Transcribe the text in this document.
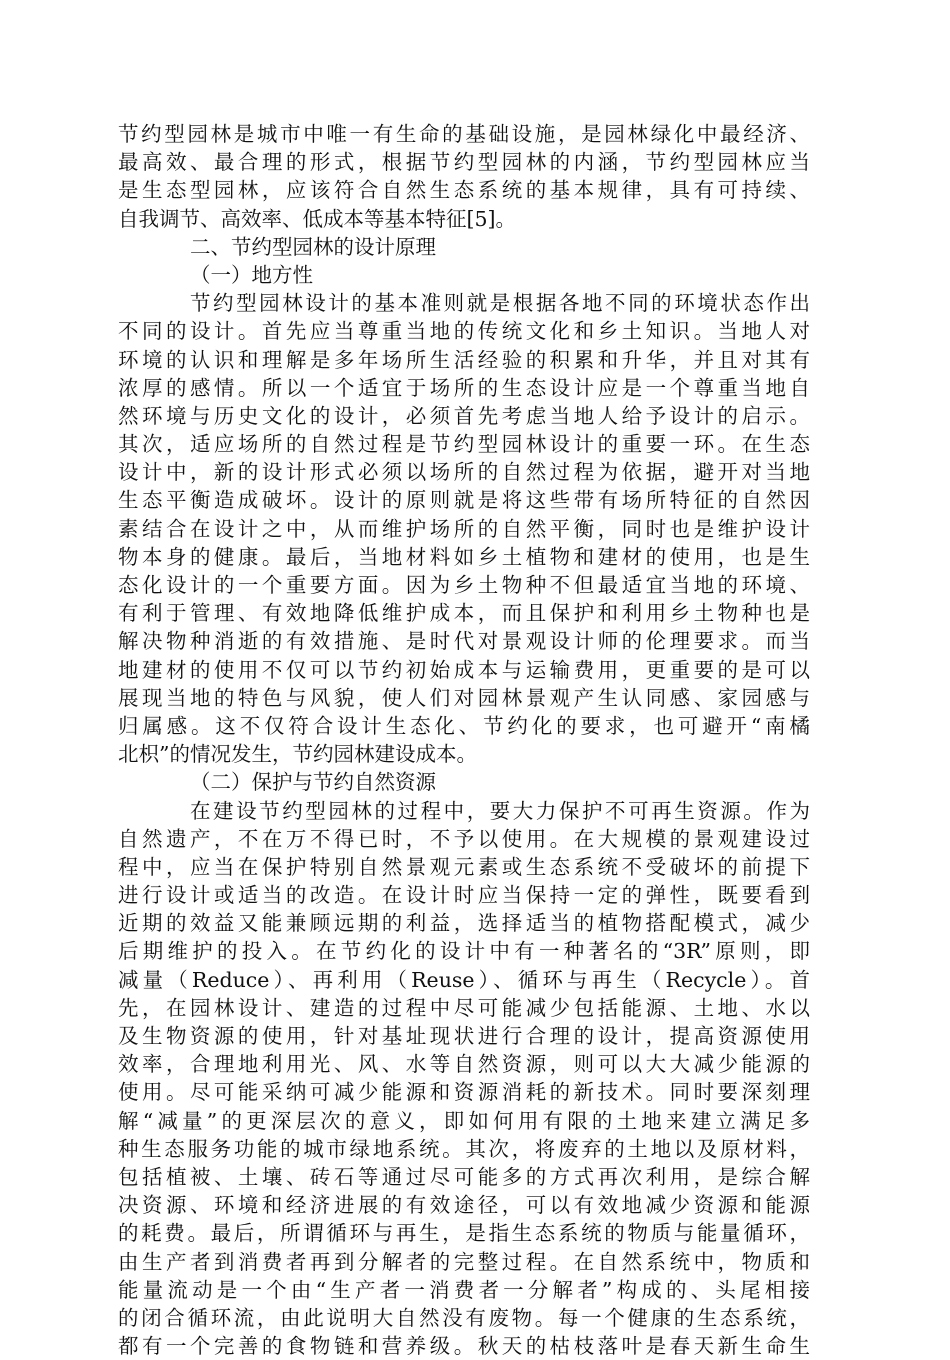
节约型园林是城市中唯一有生命的基础设施，是园林绿化中最经济、
最高效、最合理的形式，根据节约型园林的内涵，节约型园林应当
是生态型园林，应该符合自然生态系统的基本规律，具有可持续、
自我调节、高效率、低成本等基本特征[5]。
二、节约型园林的设计原理
（一）地方性
节约型园林设计的基本准则就是根据各地不同的环境状态作出
不同的设计。首先应当尊重当地的传统文化和乡土知识。当地人对
环境的认识和理解是多年场所生活经验的积累和升华，并且对其有
浓厚的感情。所以一个适宜于场所的生态设计应是一个尊重当地自
然环境与历史文化的设计，必须首先考虑当地人给予设计的启示。
其次，适应场所的自然过程是节约型园林设计的重要一环。在生态
设计中，新的设计形式必须以场所的自然过程为依据，避开对当地
生态平衡造成破坏。设计的原则就是将这些带有场所特征的自然因
素结合在设计之中，从而维护场所的自然平衡，同时也是维护设计
物本身的健康。最后，当地材料如乡土植物和建材的使用，也是生
态化设计的一个重要方面。因为乡土物种不但最适宜当地的环境、
有利于管理、有效地降低维护成本，而且保护和利用乡土物种也是
解决物种消逝的有效措施、是时代对景观设计师的伦理要求。而当
地建材的使用不仅可以节约初始成本与运输费用，更重要的是可以
展现当地的特色与风貌，使人们对园林景观产生认同感、家园感与
归属感。这不仅符合设计生态化、节约化的要求，也可避开“南橘
北枳”的情况发生，节约园林建设成本。
（二）保护与节约自然资源
在建设节约型园林的过程中，要大力保护不可再生资源。作为
自然遗产，不在万不得已时，不予以使用。在大规模的景观建设过
程中，应当在保护特别自然景观元素或生态系统不受破坏的前提下
进行设计或适当的改造。在设计时应当保持一定的弹性，既要看到
近期的效益又能兼顾远期的利益，选择适当的植物搭配模式，减少
后期维护的投入。在节约化的设计中有一种著名的“3R”原则，即
减量（Reduce）、再利用（Reuse）、循环与再生（Recycle）。首
先，在园林设计、建造的过程中尽可能减少包括能源、土地、水以
及生物资源的使用，针对基址现状进行合理的设计，提高资源使用
效率，合理地利用光、风、水等自然资源，则可以大大减少能源的
使用。尽可能采纳可减少能源和资源消耗的新技术。同时要深刻理
解“减量”的更深层次的意义，即如何用有限的土地来建立满足多
种生态服务功能的城市绿地系统。其次，将废弃的土地以及原材料，
包括植被、土壤、砖石等通过尽可能多的方式再次利用，是综合解
决资源、环境和经济进展的有效途径，可以有效地减少资源和能源
的耗费。最后，所谓循环与再生，是指生态系统的物质与能量循环，
由生产者到消费者再到分解者的完整过程。在自然系统中，物质和
能量流动是一个由“生产者一消费者一分解者”构成的、头尾相接
的闭合循环流，由此说明大自然没有废物。每一个健康的生态系统，
都有一个完善的食物链和营养级。秋天的枯枝落叶是春天新生命生
